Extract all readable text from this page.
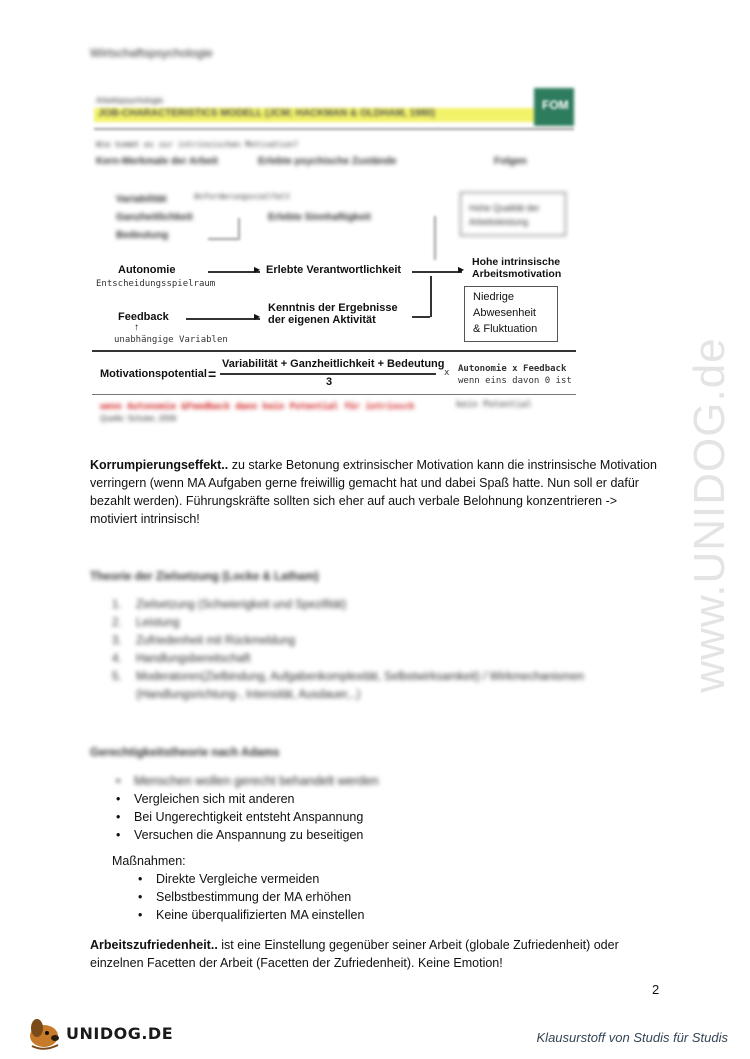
Wirtschaftspsychologie
Arbeitspsychologie
JOB-CHARACTERISTICS MODELL (JCM; HACKMAN & OLDHAM, 1980)
FOM
Wie kommt es zur intrinsischen Motivation?
Kern-Merkmale der Arbeit	Erlebte psychische Zustände	Folgen
Variabilität	Anforderungsvielfalt
Ganzheitlichkeit
Bedeutung
Erlebte Sinnhaftigkeit
Hohe Qualität der Arbeitsleistung
Autonomie
Entscheidungsspielraum
▶ Erlebte Verantwortlichkeit	▶
Hohe intrinsische Arbeitsmotivation
Niedrige
Abwesenheit
& Fluktuation
Feedback
↑
unabhängige Variablen
▶
Kenntnis der Ergebnisse
der eigenen Aktivität
Motivationspotential =
Variabilität + Ganzheitlichkeit + Bedeutung
3
x Autonomie x Feedback
wenn eins davon 0 ist
wenn Autonomie &Feedback dann kein Potential für intrinsch	kein Potential
Quelle: Schuler, 2006
Korrumpierungseffekt.. zu starke Betonung extrinsischer Motivation kann die instrinsische Motivation verringern (wenn MA Aufgaben gerne freiwillig gemacht hat und dabei Spaß hatte. Nun soll er dafür bezahlt werden). Führungskräfte sollten sich eher auf auch verbale Belohnung konzentrieren -> motiviert intrinsisch!
Theorie der Zielsetzung (Locke & Latham)
1. Zielsetzung (Schwierigkeit und Spezifität)
2. Leistung
3. Zufriedenheit mit Rückmeldung
4. Handlungsbereitschaft
5. Moderatoren(Zielbindung, Aufgabenkomplexität, Selbstwirksamkeit) / Wirkmechanismen (Handlungsrichtung-, Intensität, Ausdauer,..)
Gerechtigkeitstheorie nach Adams
• Menschen wollen gerecht behandelt werden
• Vergleichen sich mit anderen
• Bei Ungerechtigkeit entsteht Anspannung
• Versuchen die Anspannung zu beseitigen
Maßnahmen:
• Direkte Vergleiche vermeiden
• Selbstbestimmung der MA erhöhen
• Keine überqualifizierten MA einstellen
Arbeitszufriedenheit.. ist eine Einstellung gegenüber seiner Arbeit (globale Zufriedenheit) oder einzelnen Facetten der Arbeit (Facetten der Zufriedenheit). Keine Emotion!
2
www.UNIDOG.de
UNIDOG.DE	Klausurstoff von Studis für Studis
